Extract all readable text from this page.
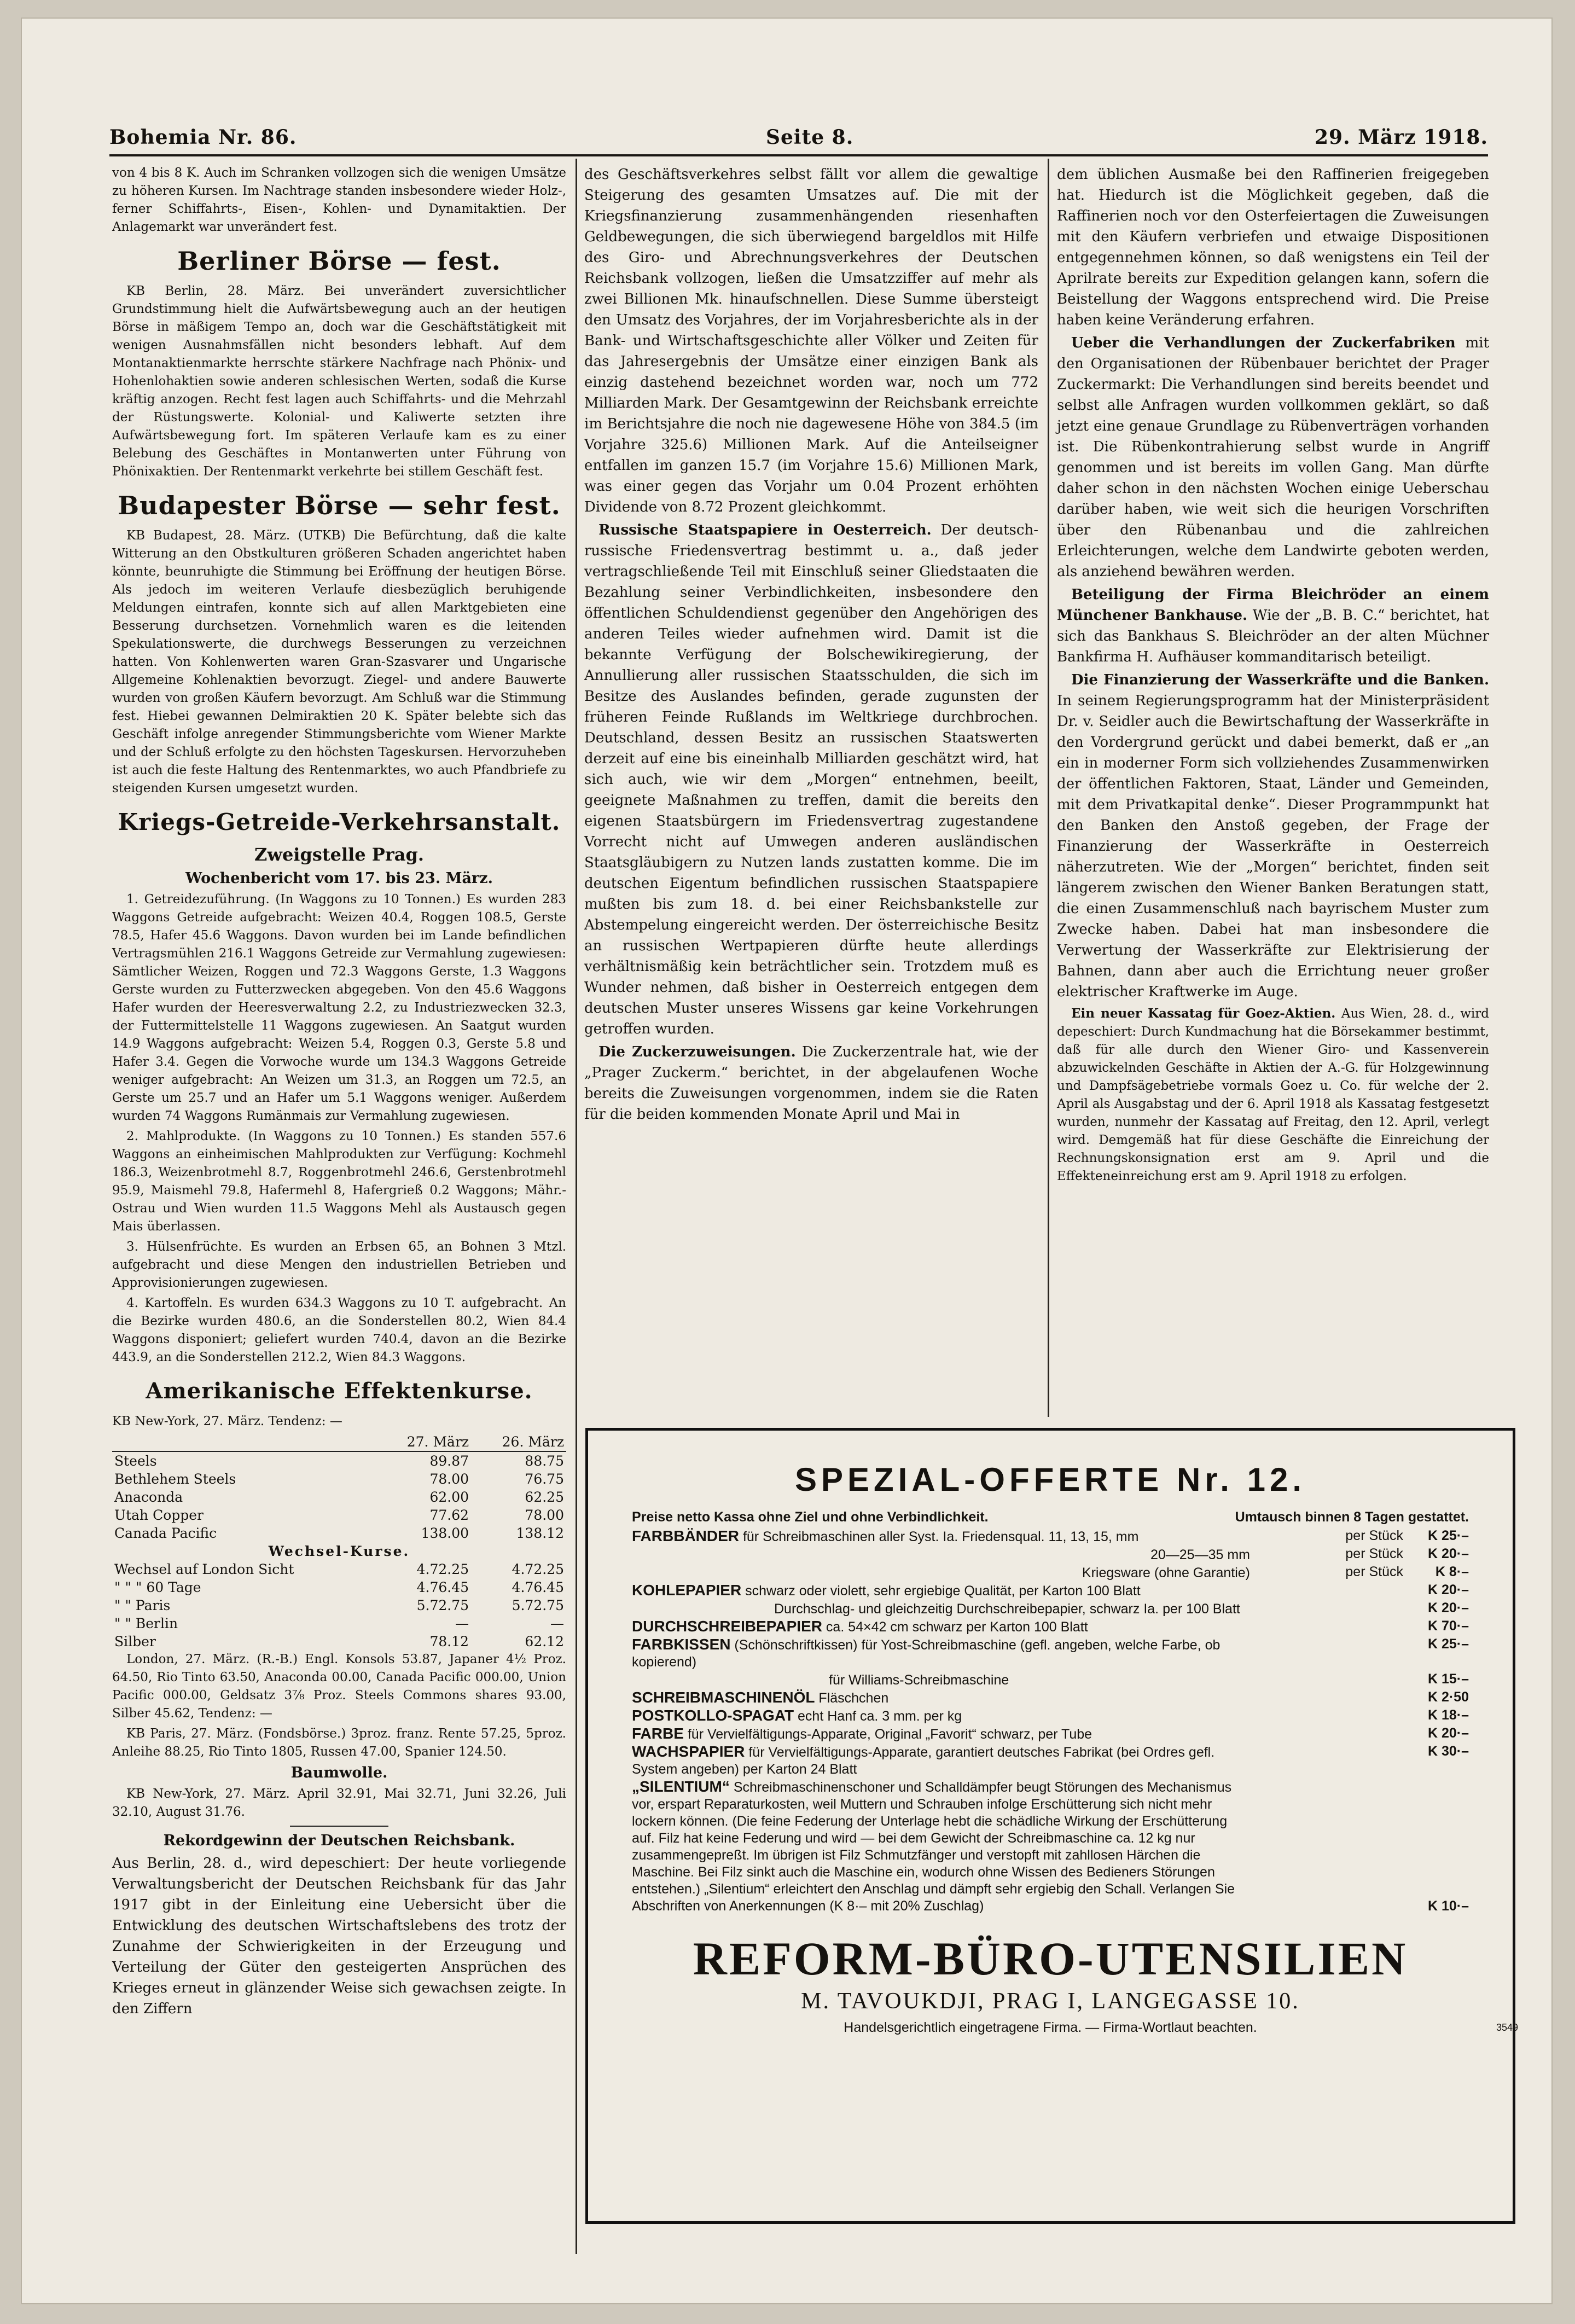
Bohemia Nr. 86.	Seite 8.	29. März 1918.

von 4 bis 8 K. Auch im Schranken vollzogen sich die wenigen Umsätze zu höheren Kursen. Im Nachtrage standen insbesondere wieder Holz-, ferner Schiffahrts-, Eisen-, Kohlen- und Dynamitaktien. Der Anlagemarkt war unverändert fest.

Berliner Börse — fest.

KB Berlin, 28. März. Bei unverändert zuversichtlicher Grundstimmung hielt die Aufwärtsbewegung auch an der heutigen Börse in mäßigem Tempo an, doch war die Geschäftstätigkeit mit wenigen Ausnahmsfällen nicht besonders lebhaft. Auf dem Montanaktienmarkte herrschte stärkere Nachfrage nach Phönix- und Hohenlohaktien sowie anderen schlesischen Werten, sodaß die Kurse kräftig anzogen. Recht fest lagen auch Schiffahrts- und die Mehrzahl der Rüstungswerte. Kolonial- und Kaliwerte setzten ihre Aufwärtsbewegung fort. Im späteren Verlaufe kam es zu einer Belebung des Geschäftes in Montanwerten unter Führung von Phönixaktien. Der Rentenmarkt verkehrte bei stillem Geschäft fest.

Budapester Börse — sehr fest.

KB Budapest, 28. März. (UTKB) Die Befürchtung, daß die kalte Witterung an den Obstkulturen größeren Schaden angerichtet haben könnte, beunruhigte die Stimmung bei Eröffnung der heutigen Börse. Als jedoch im weiteren Verlaufe diesbezüglich beruhigende Meldungen eintrafen, konnte sich auf allen Marktgebieten eine Besserung durchsetzen. Vornehmlich waren es die leitenden Spekulationswerte, die durchwegs Besserungen zu verzeichnen hatten. Von Kohlenwerten waren Gran-Szasvarer und Ungarische Allgemeine Kohlenaktien bevorzugt. Ziegel- und andere Bauwerte wurden von großen Käufern bevorzugt. Am Schluß war die Stimmung fest. Hiebei gewannen Delmiraktien 20 K. Später belebte sich das Geschäft infolge anregender Stimmungsberichte vom Wiener Markte und der Schluß erfolgte zu den höchsten Tageskursen. Hervorzuheben ist auch die feste Haltung des Rentenmarktes, wo auch Pfandbriefe zu steigenden Kursen umgesetzt wurden.

Kriegs-Getreide-Verkehrsanstalt.
Zweigstelle Prag.
Wochenbericht vom 17. bis 23. März.

1. Getreidezuführung. (In Waggons zu 10 Tonnen.) Es wurden 283 Waggons Getreide aufgebracht: Weizen 40.4, Roggen 108.5, Gerste 78.5, Hafer 45.6 Waggons. Davon wurden bei im Lande befindlichen Vertragsmühlen 216.1 Waggons Getreide zur Vermahlung zugewiesen: Sämtlicher Weizen, Roggen und 72.3 Waggons Gerste, 1.3 Waggons Gerste wurden zu Futterzwecken abgegeben. Von den 45.6 Waggons Hafer wurden der Heeresverwaltung 2.2, zu Industriezwecken 32.3, der Futtermittelstelle 11 Waggons zugewiesen. An Saatgut wurden 14.9 Waggons aufgebracht: Weizen 5.4, Roggen 0.3, Gerste 5.8 und Hafer 3.4. Gegen die Vorwoche wurde um 134.3 Waggons Getreide weniger aufgebracht: An Weizen um 31.3, an Roggen um 72.5, an Gerste um 25.7 und an Hafer um 5.1 Waggons weniger. Außerdem wurden 74 Waggons Rumänmais zur Vermahlung zugewiesen.

2. Mahlprodukte. (In Waggons zu 10 Tonnen.) Es standen 557.6 Waggons an einheimischen Mahlprodukten zur Verfügung: Kochmehl 186.3, Weizenbrotmehl 8.7, Roggenbrotmehl 246.6, Gerstenbrotmehl 95.9, Maismehl 79.8, Hafermehl 8, Hafergrieß 0.2 Waggons; Mähr.-Ostrau und Wien wurden 11.5 Waggons Mehl als Austausch gegen Mais überlassen.

3. Hülsenfrüchte. Es wurden an Erbsen 65, an Bohnen 3 Mtzl. aufgebracht und diese Mengen den industriellen Betrieben und Approvisionierungen zugewiesen.

4. Kartoffeln. Es wurden 634.3 Waggons zu 10 T. aufgebracht. An die Bezirke wurden 480.6, an die Sonderstellen 80.2, Wien 84.4 Waggons disponiert; geliefert wurden 740.4, davon an die Bezirke 443.9, an die Sonderstellen 212.2, Wien 84.3 Waggons.

Amerikanische Effektenkurse.

KB New-York, 27. März. Tendenz: —

	27. März	26. März
Steels	89.87	88.75
Bethlehem Steels	78.00	76.75
Anaconda	62.00	62.25
Utah Copper	77.62	78.00
Canada Pacific	138.00	138.12
Wechsel-Kurse.		
Wechsel auf London Sicht	4.72.25	4.72.25
" " " 60 Tage	4.76.45	4.76.45
" " Paris	5.72.75	5.72.75
" " Berlin	—	—
Silber	78.12	62.12

London, 27. März. (R.-B.) Engl. Konsols 53.87, Japaner 4½ Proz. 64.50, Rio Tinto 63.50, Anaconda 00.00, Canada Pacific 000.00, Union Pacific 000.00, Geldsatz 3⅞ Proz. Steels Commons shares 93.00, Silber 45.62, Tendenz: —

KB Paris, 27. März. (Fondsbörse.) 3proz. franz. Rente 57.25, 5proz. Anleihe 88.25, Rio Tinto 1805, Russen 47.00, Spanier 124.50.

Baumwolle.

KB New-York, 27. März. April 32.91, Mai 32.71, Juni 32.26, Juli 32.10, August 31.76.

Rekordgewinn der Deutschen Reichsbank.

Aus Berlin, 28. d., wird depeschiert: Der heute vorliegende Verwaltungsbericht der Deutschen Reichsbank für das Jahr 1917 gibt in der Einleitung eine Uebersicht über die Entwicklung des deutschen Wirtschaftslebens des trotz der Zunahme der Schwierigkeiten in der Erzeugung und Verteilung der Güter den gesteigerten Ansprüchen des Krieges erneut in glänzender Weise sich gewachsen zeigte. In den Ziffern

des Geschäftsverkehres selbst fällt vor allem die gewaltige Steigerung des gesamten Umsatzes auf. Die mit der Kriegsfinanzierung zusammenhängenden riesenhaften Geldbewegungen, die sich überwiegend bargeldlos mit Hilfe des Giro- und Abrechnungsverkehres der Deutschen Reichsbank vollzogen, ließen die Umsatzziffer auf mehr als zwei Billionen Mk. hinaufschnellen. Diese Summe übersteigt den Umsatz des Vorjahres, der im Vorjahresberichte als in der Bank- und Wirtschaftsgeschichte aller Völker und Zeiten für das Jahresergebnis der Umsätze einer einzigen Bank als einzig dastehend bezeichnet worden war, noch um 772 Milliarden Mark. Der Gesamtgewinn der Reichsbank erreichte im Berichtsjahre die noch nie dagewesene Höhe von 384.5 (im Vorjahre 325.6) Millionen Mark. Auf die Anteilseigner entfallen im ganzen 15.7 (im Vorjahre 15.6) Millionen Mark, was einer gegen das Vorjahr um 0.04 Prozent erhöhten Dividende von 8.72 Prozent gleichkommt.

Russische Staatspapiere in Oesterreich. Der deutsch-russische Friedensvertrag bestimmt u. a., daß jeder vertragschließende Teil mit Einschluß seiner Gliedstaaten die Bezahlung seiner Verbindlichkeiten, insbesondere den öffentlichen Schuldendienst gegenüber den Angehörigen des anderen Teiles wieder aufnehmen wird. Damit ist die bekannte Verfügung der Bolschewikiregierung, der Annullierung aller russischen Staatsschulden, die sich im Besitze des Auslandes befinden, gerade zugunsten der früheren Feinde Rußlands im Weltkriege durchbrochen. Deutschland, dessen Besitz an russischen Staatswerten derzeit auf eine bis eineinhalb Milliarden geschätzt wird, hat sich auch, wie wir dem „Morgen“ entnehmen, beeilt, geeignete Maßnahmen zu treffen, damit die bereits den eigenen Staatsbürgern im Friedensvertrag zugestandene Vorrecht nicht auf Umwegen anderen ausländischen Staatsgläubigern zu Nutzen lands zustatten komme. Die im deutschen Eigentum befindlichen russischen Staatspapiere mußten bis zum 18. d. bei einer Reichsbankstelle zur Abstempelung eingereicht werden. Der österreichische Besitz an russischen Wertpapieren dürfte heute allerdings verhältnismäßig kein beträchtlicher sein. Trotzdem muß es Wunder nehmen, daß bisher in Oesterreich entgegen dem deutschen Muster unseres Wissens gar keine Vorkehrungen getroffen wurden.

Die Zuckerzuweisungen. Die Zuckerzentrale hat, wie der „Prager Zuckerm.“ berichtet, in der abgelaufenen Woche bereits die Zuweisungen vorgenommen, indem sie die Raten für die beiden kommenden Monate April und Mai in

dem üblichen Ausmaße bei den Raffinerien freigegeben hat. Hiedurch ist die Möglichkeit gegeben, daß die Raffinerien noch vor den Osterfeiertagen die Zuweisungen mit den Käufern verbriefen und etwaige Dispositionen entgegennehmen können, so daß wenigstens ein Teil der Aprilrate bereits zur Expedition gelangen kann, sofern die Beistellung der Waggons entsprechend wird. Die Preise haben keine Veränderung erfahren.

Ueber die Verhandlungen der Zuckerfabriken mit den Organisationen der Rübenbauer berichtet der Prager Zuckermarkt: Die Verhandlungen sind bereits beendet und selbst alle Anfragen wurden vollkommen geklärt, so daß jetzt eine genaue Grundlage zu Rübenverträgen vorhanden ist. Die Rübenkontrahierung selbst wurde in Angriff genommen und ist bereits im vollen Gang. Man dürfte daher schon in den nächsten Wochen einige Ueberschau darüber haben, wie weit sich die heurigen Vorschriften über den Rübenanbau und die zahlreichen Erleichterungen, welche dem Landwirte geboten werden, als anziehend bewähren werden.

Beteiligung der Firma Bleichröder an einem Münchener Bankhause. Wie der „B. B. C.“ berichtet, hat sich das Bankhaus S. Bleichröder an der alten Müchner Bankfirma H. Aufhäuser kommanditarisch beteiligt.

Die Finanzierung der Wasserkräfte und die Banken. In seinem Regierungsprogramm hat der Ministerpräsident Dr. v. Seidler auch die Bewirtschaftung der Wasserkräfte in den Vordergrund gerückt und dabei bemerkt, daß er „an ein in moderner Form sich vollziehendes Zusammenwirken der öffentlichen Faktoren, Staat, Länder und Gemeinden, mit dem Privatkapital denke“. Dieser Programmpunkt hat den Banken den Anstoß gegeben, der Frage der Finanzierung der Wasserkräfte in Oesterreich näherzutreten. Wie der „Morgen“ berichtet, finden seit längerem zwischen den Wiener Banken Beratungen statt, die einen Zusammenschluß nach bayrischem Muster zum Zwecke haben. Dabei hat man insbesondere die Verwertung der Wasserkräfte zur Elektrisierung der Bahnen, dann aber auch die Errichtung neuer großer elektrischer Kraftwerke im Auge.

Ein neuer Kassatag für Goez-Aktien. Aus Wien, 28. d., wird depeschiert: Durch Kundmachung hat die Börsekammer bestimmt, daß für alle durch den Wiener Giro- und Kassenverein abzuwickelnden Geschäfte in Aktien der A.-G. für Holzgewinnung und Dampfsägebetriebe vormals Goez u. Co. für welche der 2. April als Ausgabstag und der 6. April 1918 als Kassatag festgesetzt wurden, nunmehr der Kassatag auf Freitag, den 12. April, verlegt wird. Demgemäß hat für diese Geschäfte die Einreichung der Rechnungskonsignation erst am 9. April und die Effekteneinreichung erst am 9. April 1918 zu erfolgen.

SPEZIAL-OFFERTE Nr. 12.
Preise netto Kassa ohne Ziel und ohne Verbindlichkeit.	Umtausch binnen 8 Tagen gestattet.
FARBBÄNDER für Schreibmaschinen aller Syst. Ia. Friedensqual. 11, 13, 15, mm	per Stück	K 25·–
20—25—35 mm	per Stück	K 20·–
Kriegsware (ohne Garantie)	per Stück	K 8·–
KOHLEPAPIER schwarz oder violett, sehr ergiebige Qualität, per Karton 100 Blatt	K 20·–
Durchschlag- und gleichzeitig Durchschreibepapier, schwarz Ia. per 100 Blatt	K 20·–
DURCHSCHREIBEPAPIER ca. 54×42 cm schwarz per Karton 100 Blatt	K 70·–
FARBKISSEN (Schönschriftkissen) für Yost-Schreibmaschine (gefl. angeben, welche Farbe, ob kopierend)
K 25·–
für Williams-Schreibmaschine	K 15·–
SCHREIBMASCHINENÖL Fläschchen	K 2·50
POSTKOLLO-SPAGAT echt Hanf ca. 3 mm. per kg	K 18·–
FARBE für Vervielfältigungs-Apparate, Original „Favorit“ schwarz, per Tube	K 20·–
WACHSPAPIER für Vervielfältigungs-Apparate, garantiert deutsches Fabrikat (bei Ordres gefl. System angeben) per Karton 24 Blatt
K 30·–
„SILENTIUM“ Schreibmaschinenschoner und Schalldämpfer beugt Störungen des Mechanismus vor, erspart Reparaturkosten, weil Muttern und Schrauben infolge Erschütterung sich nicht mehr lockern können. (Die feine Federung der Unterlage hebt die schädliche Wirkung der Erschütterung auf. Filz hat keine Federung und wird — bei dem Gewicht der Schreibmaschine ca. 12 kg nur zusammengepreßt. Im übrigen ist Filz Schmutzfänger und verstopft mit zahllosen Härchen die Maschine. Bei Filz sinkt auch die Maschine ein, wodurch ohne Wissen des Bedieners Störungen entstehen.) „Silentium“ erleichtert den Anschlag und dämpft sehr ergiebig den Schall. Verlangen Sie Abschriften von Anerkennungen (K 8·– mit 20% Zuschlag)	K 10·–
REFORM-BÜRO-UTENSILIEN
M. TAVOUKDJI, PRAG I, LANGEGASSE 10.
Handelsgerichtlich eingetragene Firma. — Firma-Wortlaut beachten.	3549
